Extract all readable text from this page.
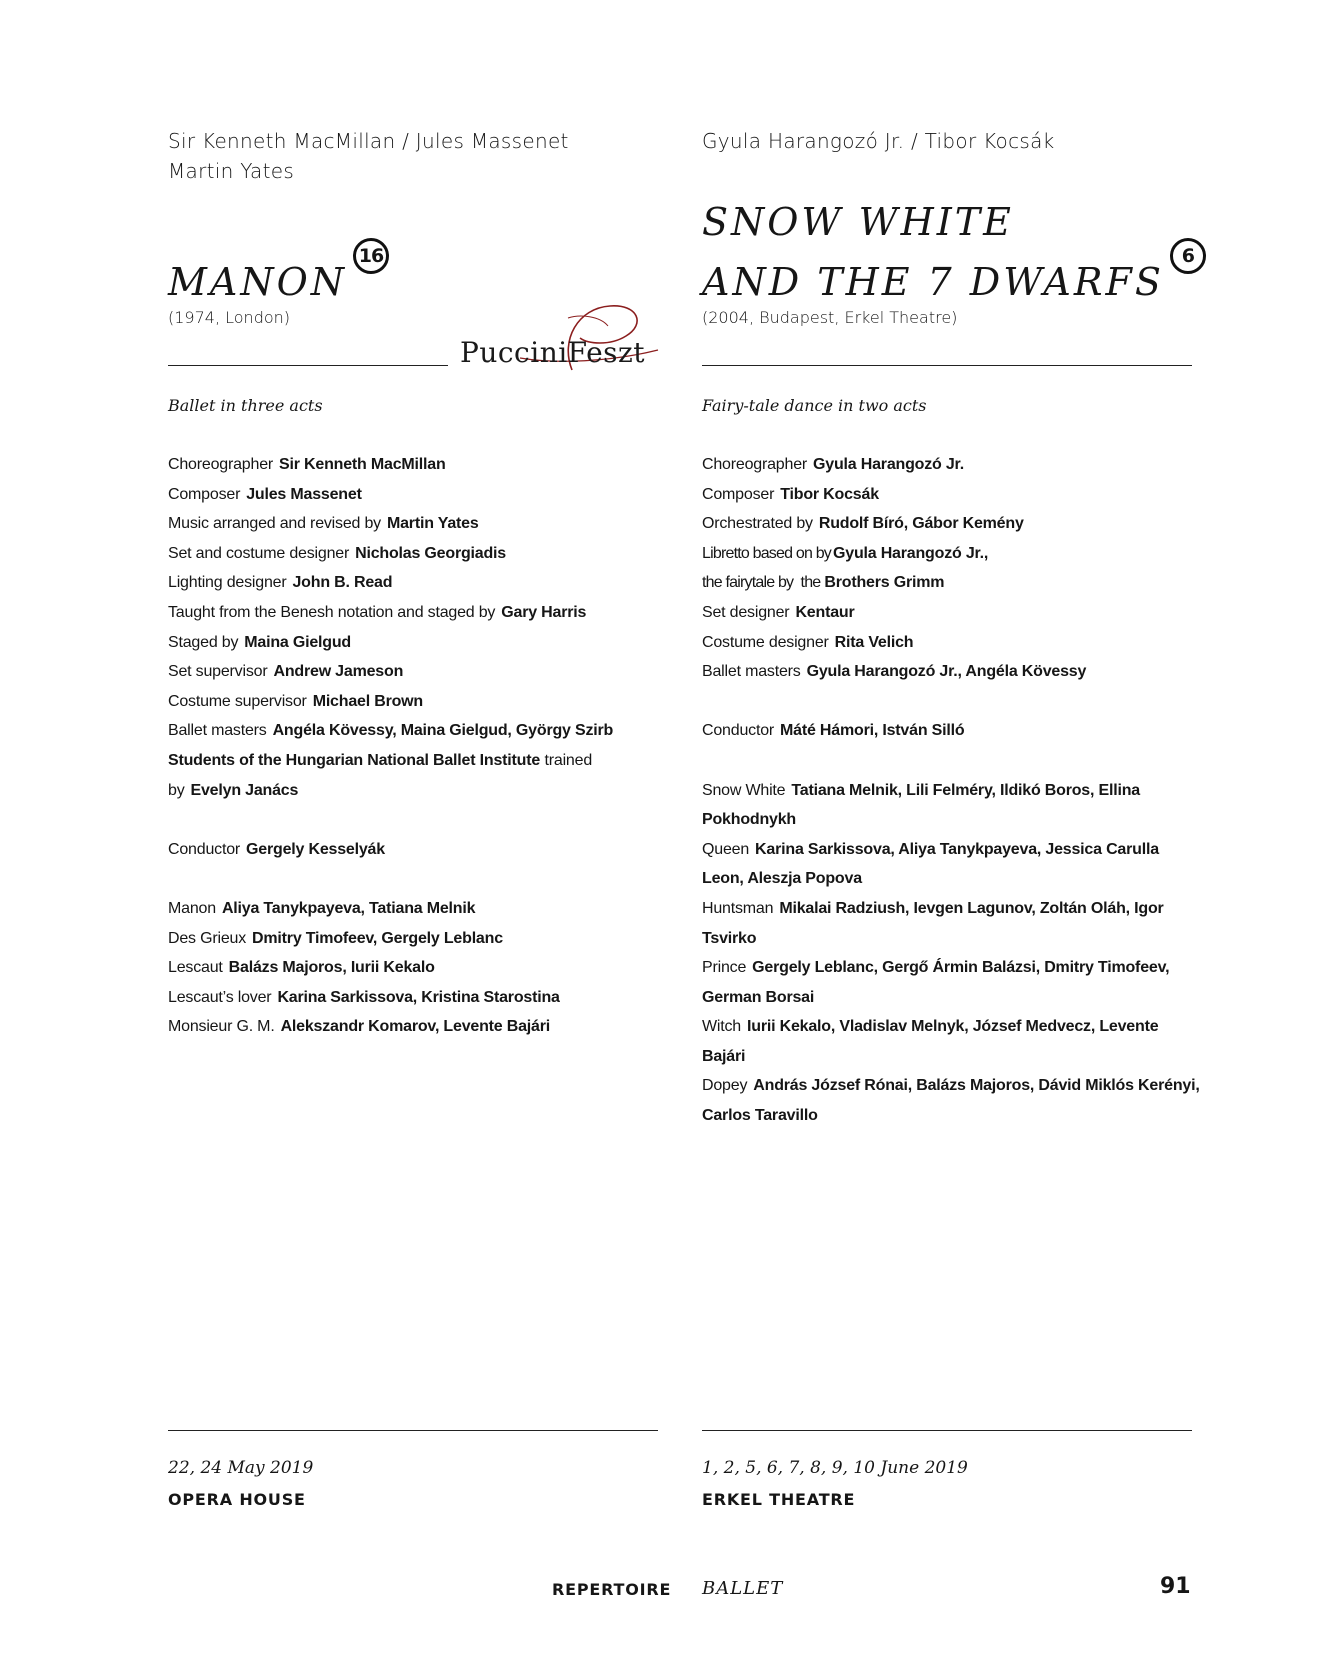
Sir Kenneth MacMillan / Jules Massenet
Martin Yates
MANON16
(1974, London)
PucciniFeszt
Ballet in three acts
Choreographer Sir Kenneth MacMillan
Composer Jules Massenet
Music arranged and revised by Martin Yates
Set and costume designer Nicholas Georgiadis
Lighting designer John B. Read
Taught from the Benesh notation and staged by Gary Harris
Staged by Maina Gielgud
Set supervisor Andrew Jameson
Costume supervisor Michael Brown
Ballet masters Angéla Kövessy, Maina Gielgud, György Szirb
Students of the Hungarian National Ballet Institute trained
by Evelyn Janács
Conductor Gergely Kesselyák
Manon Aliya Tanykpayeva, Tatiana Melnik
Des Grieux Dmitry Timofeev, Gergely Leblanc
Lescaut Balázs Majoros, Iurii Kekalo
Lescaut’s lover Karina Sarkissova, Kristina Starostina
Monsieur G. M. Alekszandr Komarov, Levente Bajári
22, 24 May 2019
OPERA HOUSE
Gyula Harangozó Jr. / Tibor Kocsák
SNOW WHITE
AND THE 7 DWARFS6
(2004, Budapest, Erkel Theatre)
Fairy-tale dance in two acts
Choreographer Gyula Harangozó Jr.
Composer Tibor Kocsák
Orchestrated by Rudolf Bíró, Gábor Kemény
Libretto based on by Gyula Harangozó Jr.,
the fairytale by  the Brothers Grimm
Set designer Kentaur
Costume designer Rita Velich
Ballet masters Gyula Harangozó Jr., Angéla Kövessy
Conductor Máté Hámori, István Silló
Snow White Tatiana Melnik, Lili Felméry, Ildikó Boros, Ellina Pokhodnykh
Queen Karina Sarkissova, Aliya Tanykpayeva, Jessica Carulla Leon, Aleszja Popova
Huntsman Mikalai Radziush, Ievgen Lagunov, Zoltán Oláh, Igor Tsvirko
Prince Gergely Leblanc, Gergő Ármin Balázsi, Dmitry Timofeev, German Borsai
Witch Iurii Kekalo, Vladislav Melnyk, József Medvecz, Levente Bajári
Dopey András József Rónai, Balázs Majoros, Dávid Miklós Kerényi, Carlos Taravillo
1, 2, 5, 6, 7, 8, 9, 10 June 2019
ERKEL THEATRE
REPERTOIRE BALLET	91
